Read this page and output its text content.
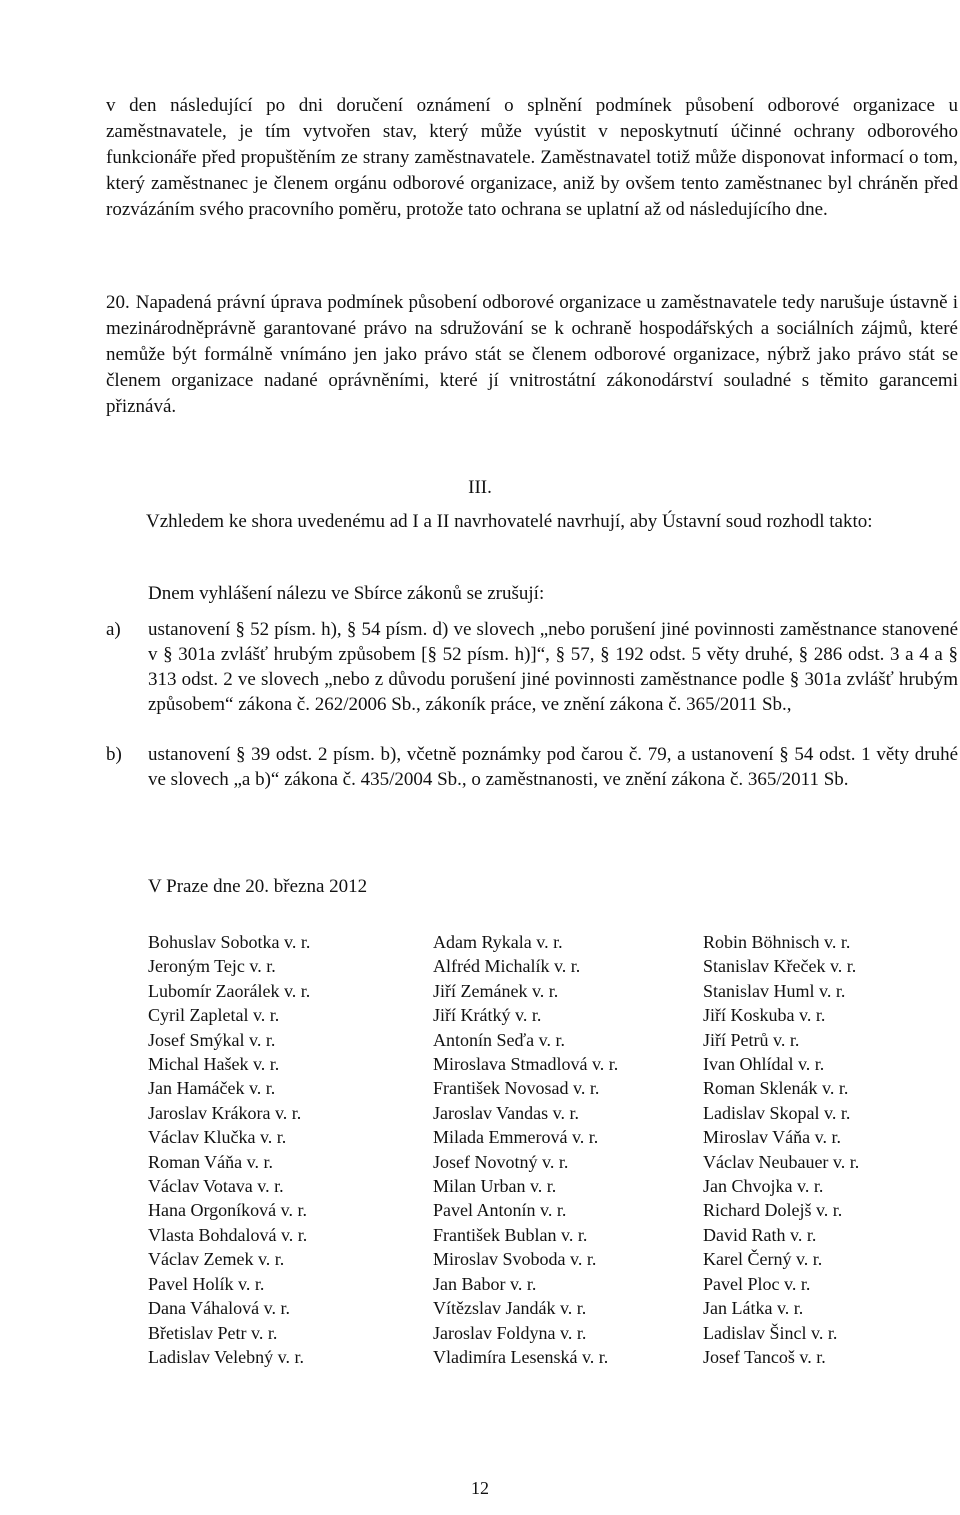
v den následující po dni doručení oznámení o splnění podmínek působení odborové organizace u zaměstnavatele, je tím vytvořen stav, který může vyústit v neposkytnutí účinné ochrany odborového funkcionáře před propuštěním ze strany zaměstnavatele. Zaměstnavatel totiž může disponovat informací o tom, který zaměstnanec je členem orgánu odborové organizace, aniž by ovšem tento zaměstnanec byl chráněn před rozvázáním svého pracovního poměru, protože tato ochrana se uplatní až od následujícího dne.

20. Napadená právní úprava podmínek působení odborové organizace u zaměstnavatele tedy narušuje ústavně i mezinárodněprávně garantované právo na sdružování se k ochraně hospodářských a sociálních zájmů, které nemůže být formálně vnímáno jen jako právo stát se členem odborové organizace, nýbrž jako právo stát se členem organizace nadané oprávněními, které jí vnitrostátní zákonodárství souladné s těmito garancemi přiznává.

III.

Vzhledem ke shora uvedenému ad I a II navrhovatelé navrhují, aby Ústavní soud rozhodl takto:

Dnem vyhlášení nálezu ve Sbírce zákonů se zrušují:
a)	ustanovení § 52 písm. h), § 54 písm. d) ve slovech „nebo porušení jiné povinnosti zaměstnance stanovené v § 301a zvlášť hrubým způsobem [§ 52 písm. h)]“, § 57, § 192 odst. 5 věty druhé, § 286 odst. 3 a 4 a § 313 odst. 2 ve slovech „nebo z důvodu porušení jiné povinnosti zaměstnance podle § 301a zvlášť hrubým způsobem“ zákona č. 262/2006 Sb., zákoník práce, ve znění zákona č. 365/2011 Sb.,
b)	ustanovení § 39 odst. 2 písm. b), včetně poznámky pod čarou č. 79, a ustanovení § 54 odst. 1 věty druhé ve slovech „a b)“ zákona č. 435/2004 Sb., o zaměstnanosti, ve znění zákona č. 365/2011 Sb.
V Praze dne 20. března 2012
Bohuslav Sobotka v. r.
Jeroným Tejc v. r.
Lubomír Zaorálek v. r.
Cyril Zapletal v. r.
Josef Smýkal v. r.
Michal Hašek v. r.
Jan Hamáček v. r.
Jaroslav Krákora v. r.
Václav Klučka v. r.
Roman Váňa v. r.
Václav Votava v. r.
Hana Orgoníková v. r.
Vlasta Bohdalová v. r.
Václav Zemek v. r.
Pavel Holík v. r.
Dana Váhalová v. r.
Břetislav Petr v. r.
Ladislav Velebný v. r.
Adam Rykala v. r.
Alfréd Michalík v. r.
Jiří Zemánek v. r.
Jiří Krátký v. r.
Antonín Seďa v. r.
Miroslava Stmadlová v. r.
František Novosad v. r.
Jaroslav Vandas v. r.
Milada Emmerová v. r.
Josef Novotný v. r.
Milan Urban v. r.
Pavel Antonín v. r.
František Bublan v. r.
Miroslav Svoboda v. r.
Jan Babor v. r.
Vítězslav Jandák v. r.
Jaroslav Foldyna v. r.
Vladimíra Lesenská v. r.
Robin Böhnisch v. r.
Stanislav Křeček v. r.
Stanislav Huml v. r.
Jiří Koskuba v. r.
Jiří Petrů v. r.
Ivan Ohlídal v. r.
Roman Sklenák v. r.
Ladislav Skopal v. r.
Miroslav Váňa v. r.
Václav Neubauer v. r.
Jan Chvojka v. r.
Richard Dolejš v. r.
David Rath v. r.
Karel Černý v. r.
Pavel Ploc v. r.
Jan Látka v. r.
Ladislav Šincl v. r.
Josef Tancoš v. r.
12
